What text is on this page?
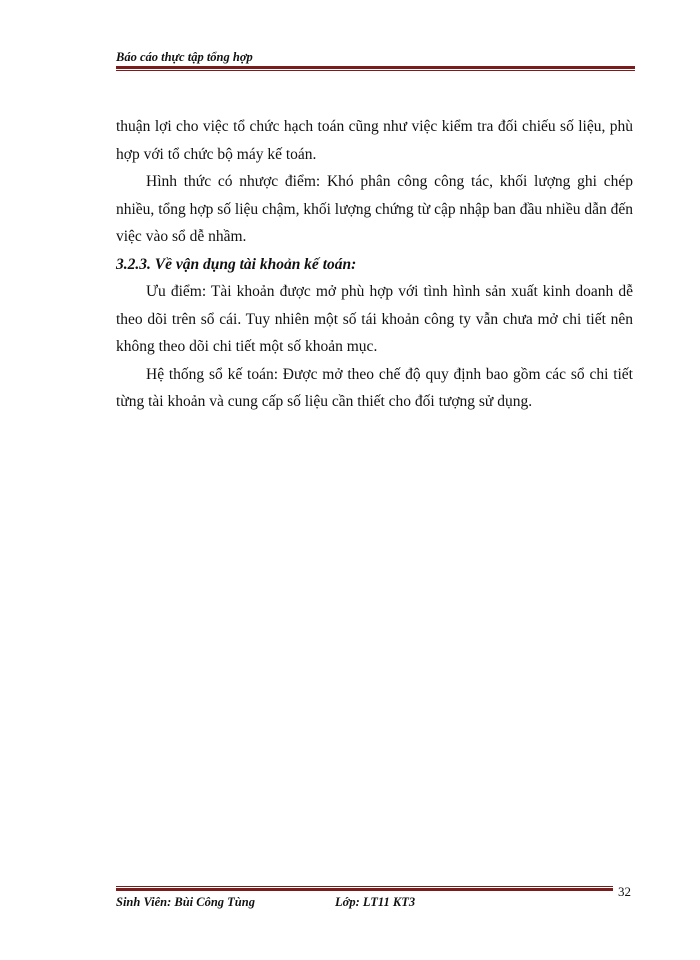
Báo cáo thực tập tổng hợp

thuận lợi cho việc tổ chức hạch toán cũng như việc kiểm tra đối chiếu số liệu, phù hợp với tổ chức bộ máy kế toán.

Hình thức có nhược điểm: Khó phân công công tác, khối lượng ghi chép nhiều, tổng hợp số liệu chậm, khối lượng chứng từ cập nhập ban đầu nhiều dẫn đến việc vào sổ dễ nhầm.

3.2.3. Về vận dụng tài khoản kế toán:

Ưu điểm: Tài khoản được mở phù hợp với tình hình sản xuất kinh doanh dễ theo dõi trên sổ cái. Tuy nhiên một số tái khoản công ty vẫn chưa mở chi tiết nên không theo dõi chi tiết một số khoản mục.

Hệ thống sổ kế toán: Được mở theo chế độ quy định bao gồm các sổ chi tiết từng tài khoản và cung cấp số liệu cần thiết cho đối tượng sử dụng.

32
Sinh Viên: Bùi Công Tùng	Lớp: LT11 KT3
